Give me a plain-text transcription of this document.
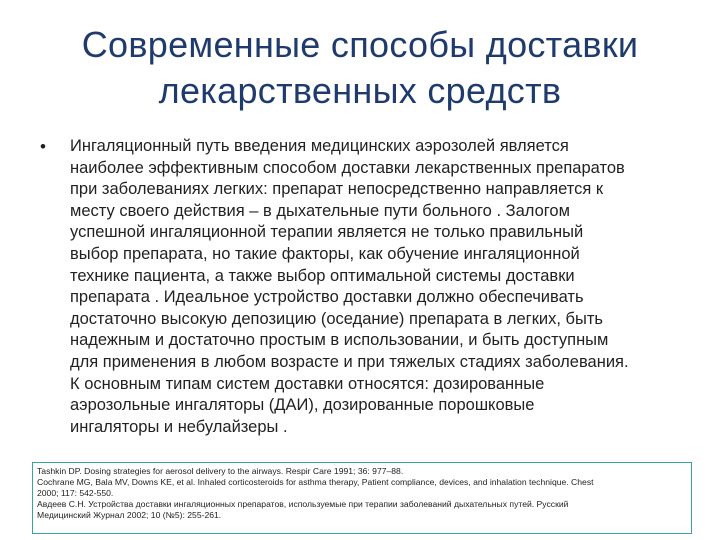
Современные способы доставки
лекарственных средств
• Ингаляционный путь введения медицинских аэрозолей является
наиболее эффективным способом доставки лекарственных препаратов
при заболеваниях легких: препарат непосредственно направляется к
месту своего действия – в дыхательные пути больного . Залогом
успешной ингаляционной терапии является не только правильный
выбор препарата, но такие факторы, как обучение ингаляционной
технике пациента, а также выбор оптимальной системы доставки
препарата . Идеальное устройство доставки должно обеспечивать
достаточно высокую депозицию (оседание) препарата в легких, быть
надежным и достаточно простым в использовании, и быть доступным
для применения в любом возрасте и при тяжелых стадиях заболевания.
К основным типам систем доставки относятся: дозированные
аэрозольные ингаляторы (ДАИ), дозированные порошковые
ингаляторы и небулайзеры .
Tashkin DP. Dosing strategies for aerosol delivery to the airways. Respir Care 1991; 36: 977–88.
Cochrane MG, Bala MV, Downs KE, et al. Inhaled corticosteroids for asthma therapy, Patient compliance, devices, and inhalation technique. Chest
2000; 117: 542-550.
Авдеев С.Н. Устройства доставки ингаляционных препаратов, используемые при терапии заболеваний дыхательных путей. Русский
Медицинский Журнал 2002; 10 (№5): 255-261.
